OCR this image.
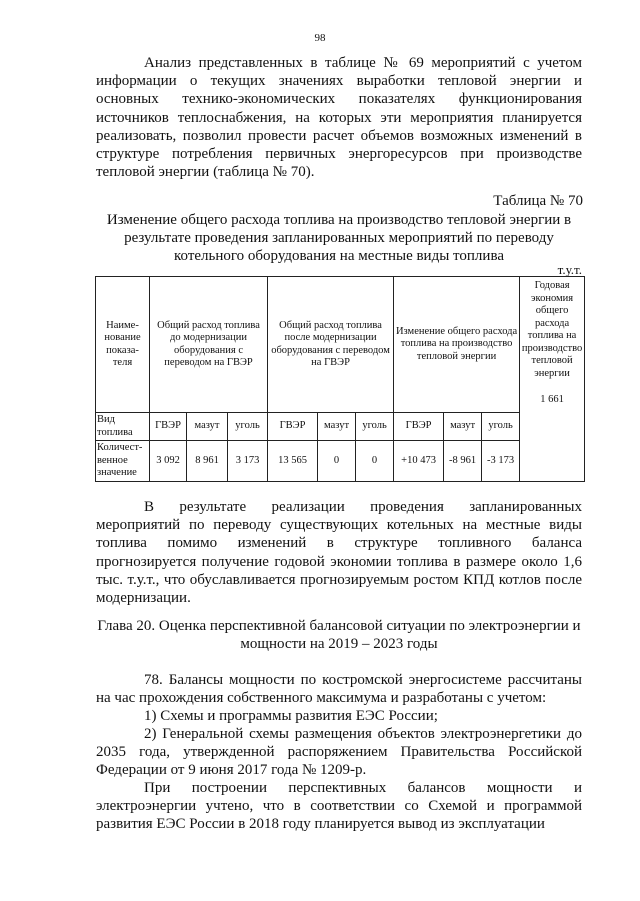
98

Анализ представленных в таблице № 69 мероприятий с учетом информации о текущих значениях выработки тепловой энергии и основных технико-экономических показателях функционирования источников теплоснабжения, на которых эти мероприятия планируется реализовать, позволил провести расчет объемов возможных изменений в структуре потребления первичных энергоресурсов при производстве тепловой энергии (таблица № 70).

Таблица № 70
Изменение общего расхода топлива на производство тепловой энергии в результате проведения запланированных мероприятий по переводу котельного оборудования на местные виды топлива
т.у.т.
Наиме-нование показа-теля	Общий расход топлива до модернизации оборудования с переводом на ГВЭР			Общий расход топлива после модернизации оборудования с переводом на ГВЭР			Изменение общего расхода топлива на производство тепловой энергии			Годовая экономия общего расхода топлива на производство тепловой энергии
1 661

Вид топлива	ГВЭР	мазут	уголь	ГВЭР	мазут	уголь	ГВЭР	мазут	уголь	
Количест-венное значение	3 092	8 961	3 173	13 565	0	0	+10 473	-8 961	-3 173	

В результате реализации проведения запланированных мероприятий по переводу существующих котельных на местные виды топлива помимо изменений в структуре топливного баланса прогнозируется получение годовой экономии топлива в размере около 1,6 тыс. т.у.т., что обуславливается прогнозируемым ростом КПД котлов после модернизации.

Глава 20. Оценка перспективной балансовой ситуации по электроэнергии и мощности на 2019 – 2023 годы

78. Балансы мощности по костромской энергосистеме рассчитаны на час прохождения собственного максимума и разработаны с учетом:

1) Схемы и программы развития ЕЭС России;

2) Генеральной схемы размещения объектов электроэнергетики до 2035 года, утвержденной распоряжением Правительства Российской Федерации от 9 июня 2017 года № 1209-р.

При построении перспективных балансов мощности и электроэнергии учтено, что в соответствии со Схемой и программой развития ЕЭС России в 2018 году планируется вывод из эксплуатации
